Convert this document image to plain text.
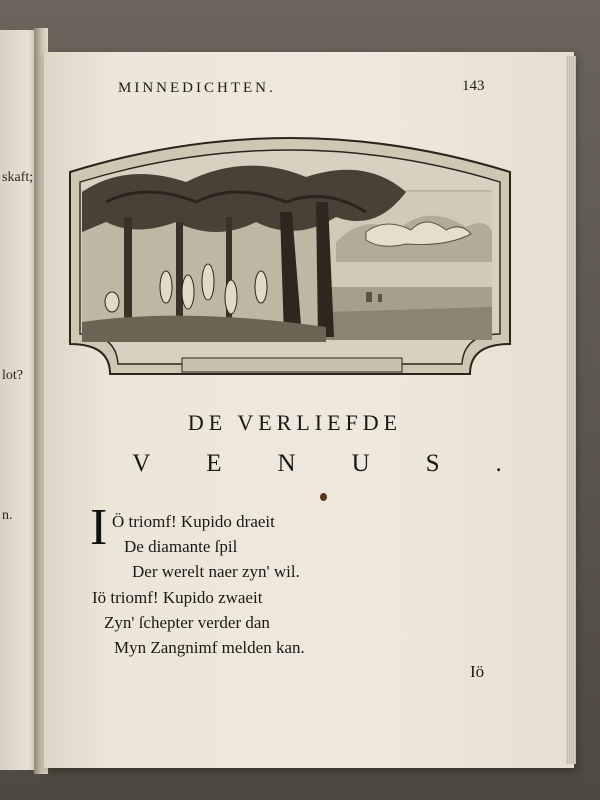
skaft;
lot?
n.

MINNEDICHTEN.	143
DE VERLIEFDE
VENUS.
I Ö triomf! Kupido draeit
De diamante ſpil
Der werelt naer zyn' wil.
Iö triomf! Kupido zwaeit
Zyn' ſchepter verder dan
Myn Zangnimf melden kan.
Iö
